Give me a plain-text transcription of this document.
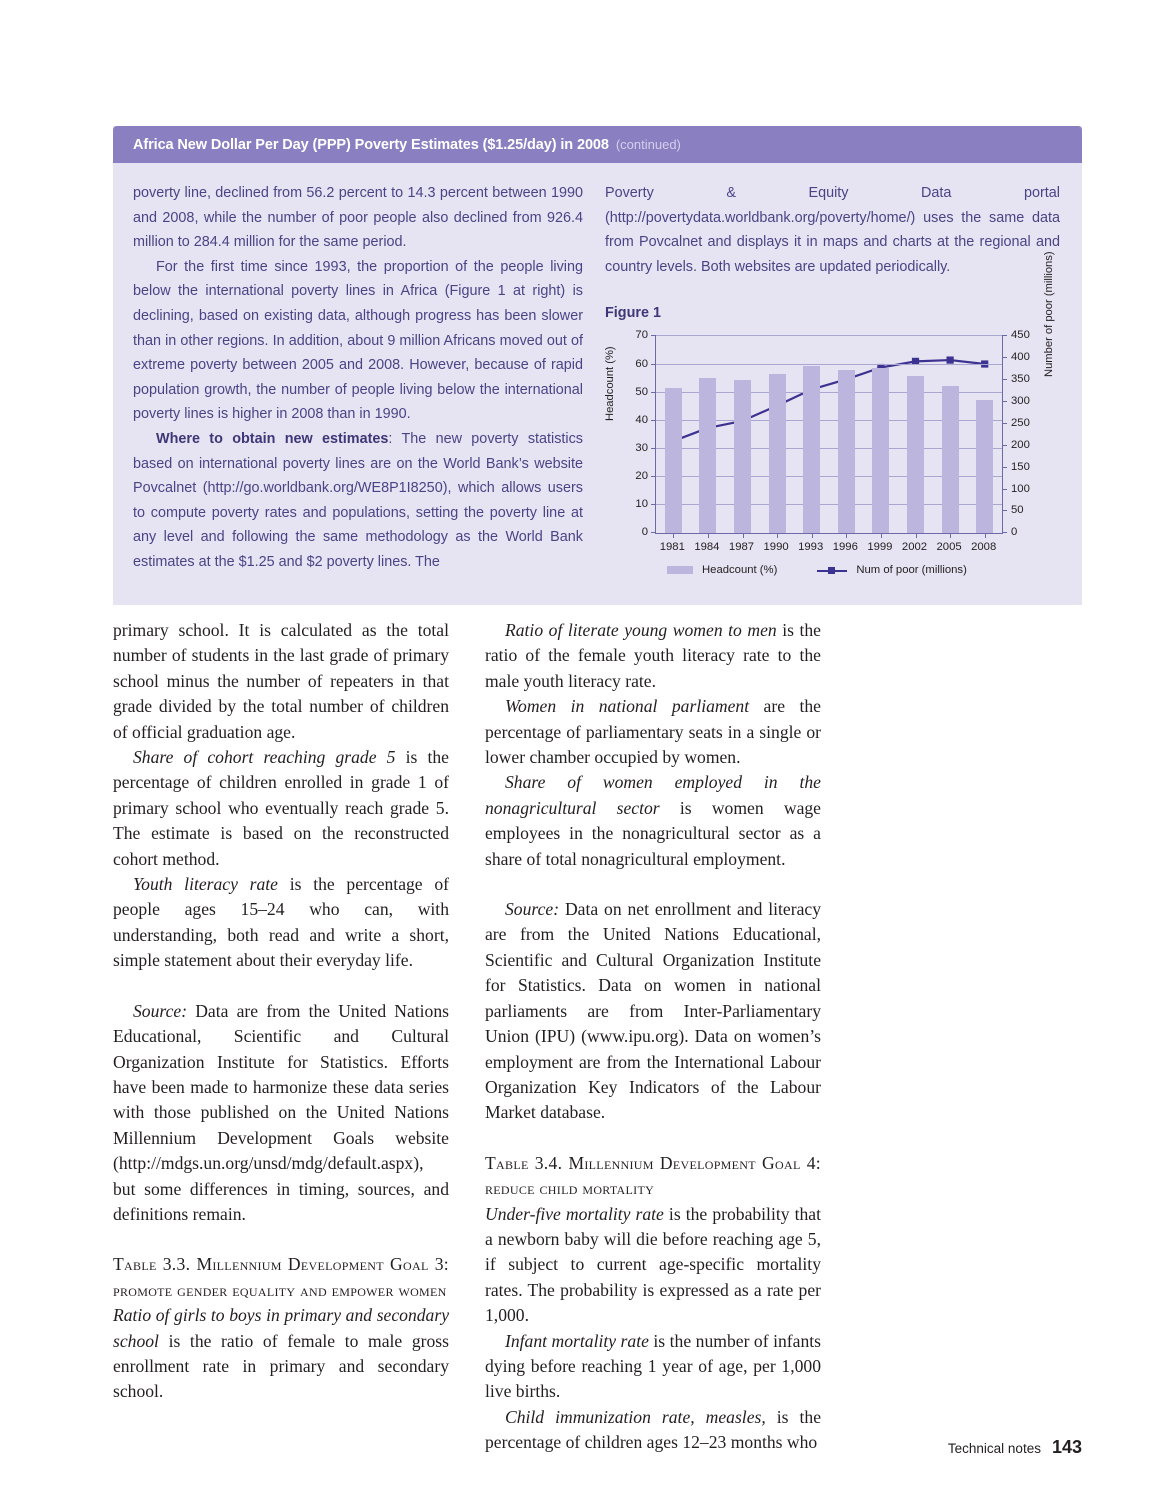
Africa New Dollar Per Day (PPP) Poverty Estimates ($1.25/day) in 2008 (continued)

poverty line, declined from 56.2 percent to 14.3 percent between 1990 and 2008, while the number of poor people also declined from 926.4 million to 284.4 million for the same period.

For the first time since 1993, the proportion of the people living below the international poverty lines in Africa (Figure 1 at right) is declining, based on existing data, although progress has been slower than in other regions. In addition, about 9 million Africans moved out of extreme poverty between 2005 and 2008. However, because of rapid population growth, the number of people living below the international poverty lines is higher in 2008 than in 1990.

Where to obtain new estimates: The new poverty statistics based on international poverty lines are on the World Bank’s website Povcalnet (http://go.worldbank.org/WE8P1I8250), which allows users to compute poverty rates and populations, setting the poverty line at any level and following the same methodology as the World Bank estimates at the $1.25 and $2 poverty lines. The

Poverty & Equity Data portal (http://povertydata.worldbank.org/poverty/home/) uses the same data from Povcalnet and displays it in maps and charts at the regional and country levels. Both websites are updated periodically.

Figure 1
Headcount (%)
Number of poor (millions)
Headcount (%)	Num of poor (millions)
0
10
20
30
40
50
60
70
0
50
100
150
200
250
300
350
400
450
1981 1984 1987 1990 1993 1996 1999 2002 2005 2008

primary school. It is calculated as the total number of students in the last grade of primary school minus the number of repeaters in that grade divided by the total number of children of official graduation age.

Share of cohort reaching grade 5 is the percentage of children enrolled in grade 1 of primary school who eventually reach grade 5. The estimate is based on the reconstructed cohort method.

Youth literacy rate is the percentage of people ages 15–24 who can, with understanding, both read and write a short, simple statement about their everyday life.

Source: Data are from the United Nations Educational, Scientific and Cultural Organization Institute for Statistics. Efforts have been made to harmonize these data series with those published on the United Nations Millennium Development Goals website (http://mdgs.un.org/unsd/mdg/default.aspx), but some differences in timing, sources, and definitions remain.

Table 3.3. Millennium Development Goal 3: promote gender equality and empower women

Ratio of girls to boys in primary and secondary school is the ratio of female to male gross enrollment rate in primary and secondary school.

Ratio of literate young women to men is the ratio of the female youth literacy rate to the male youth literacy rate.

Women in national parliament are the percentage of parliamentary seats in a single or lower chamber occupied by women.

Share of women employed in the nonagricultural sector is women wage employees in the nonagricultural sector as a share of total nonagricultural employment.

Source: Data on net enrollment and literacy are from the United Nations Educational, Scientific and Cultural Organization Institute for Statistics. Data on women in national parliaments are from Inter-Parliamentary Union (IPU) (www.ipu.org). Data on women’s employment are from the International Labour Organization Key Indicators of the Labour Market database.

Table 3.4. Millennium Development Goal 4: reduce child mortality

Under-five mortality rate is the probability that a newborn baby will die before reaching age 5, if subject to current age-specific mortality rates. The probability is expressed as a rate per 1,000.

Infant mortality rate is the number of infants dying before reaching 1 year of age, per 1,000 live births.

Child immunization rate, measles, is the percentage of children ages 12–23 months who	Technical notes 143
